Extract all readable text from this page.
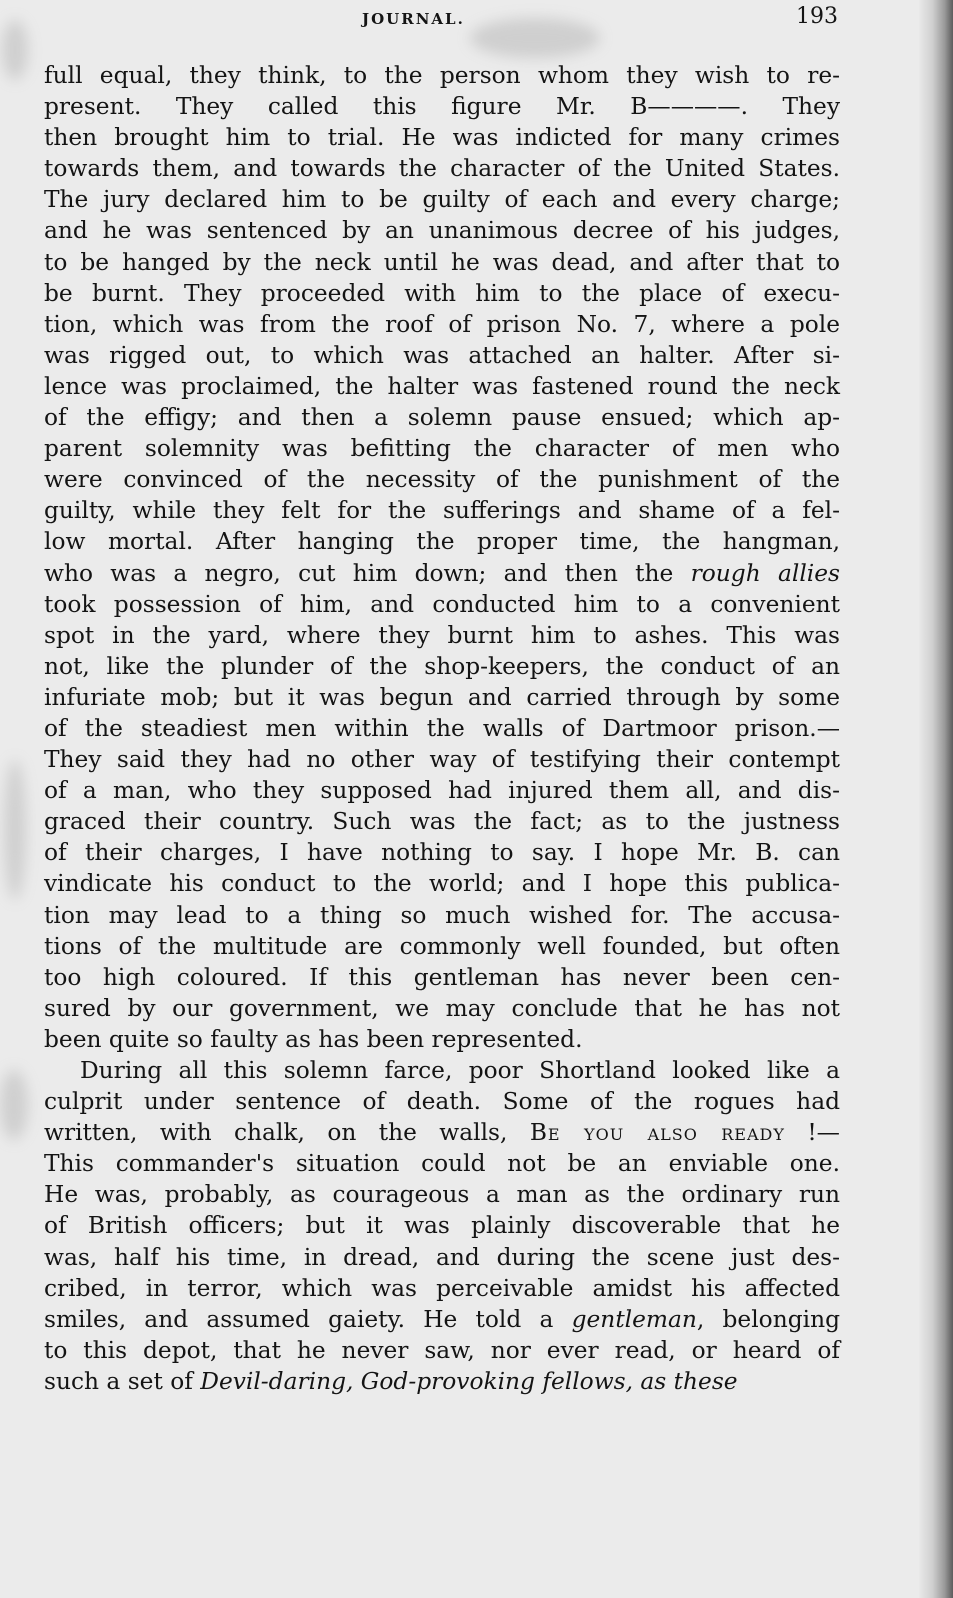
JOURNAL.	193
full equal, they think, to the person whom they wish to re-
present. They called this figure Mr. B————. They
then brought him to trial. He was indicted for many crimes
towards them, and towards the character of the United States.
The jury declared him to be guilty of each and every charge;
and he was sentenced by an unanimous decree of his judges,
to be hanged by the neck until he was dead, and after that to
be burnt. They proceeded with him to the place of execu-
tion, which was from the roof of prison No. 7, where a pole
was rigged out, to which was attached an halter. After si-
lence was proclaimed, the halter was fastened round the neck
of the effigy; and then a solemn pause ensued; which ap-
parent solemnity was befitting the character of men who
were convinced of the necessity of the punishment of the
guilty, while they felt for the sufferings and shame of a fel-
low mortal. After hanging the proper time, the hangman,
who was a negro, cut him down; and then the rough allies
took possession of him, and conducted him to a convenient
spot in the yard, where they burnt him to ashes. This was
not, like the plunder of the shop-keepers, the conduct of an
infuriate mob; but it was begun and carried through by some
of the steadiest men within the walls of Dartmoor prison.—
They said they had no other way of testifying their contempt
of a man, who they supposed had injured them all, and dis-
graced their country. Such was the fact; as to the justness
of their charges, I have nothing to say. I hope Mr. B. can
vindicate his conduct to the world; and I hope this publica-
tion may lead to a thing so much wished for. The accusa-
tions of the multitude are commonly well founded, but often
too high coloured. If this gentleman has never been cen-
sured by our government, we may conclude that he has not
been quite so faulty as has been represented.
During all this solemn farce, poor Shortland looked like a
culprit under sentence of death. Some of the rogues had
written, with chalk, on the walls, Be you also ready !—
This commander's situation could not be an enviable one.
He was, probably, as courageous a man as the ordinary run
of British officers; but it was plainly discoverable that he
was, half his time, in dread, and during the scene just des-
cribed, in terror, which was perceivable amidst his affected
smiles, and assumed gaiety. He told a gentleman, belonging
to this depot, that he never saw, nor ever read, or heard of
such a set of Devil-daring, God-provoking fellows, as these
